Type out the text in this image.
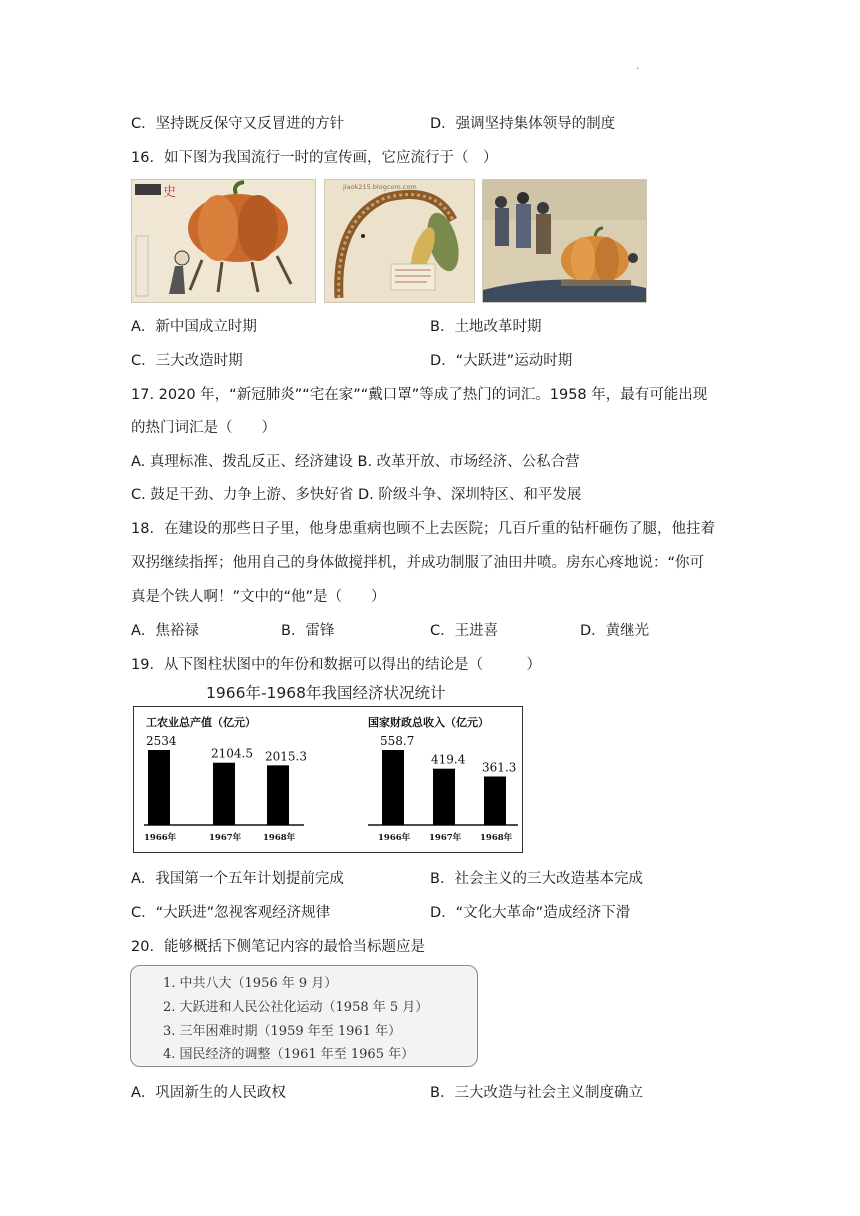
·
C．坚持既反保守又反冒进的方针	D．强调坚持集体领导的制度
16．如下图为我国流行一时的宣传画，它应流行于（　）
史	jiaok215.blogcom.com
A．新中国成立时期	B．土地改革时期
C．三大改造时期	D．“大跃进”运动时期
17. 2020 年，“新冠肺炎”“宅在家”“戴口罩”等成了热门的词汇。1958 年，最有可能出现
的热门词汇是（　　）
A. 真理标准、拨乱反正、经济建设 B. 改革开放、市场经济、公私合营
C. 鼓足干劲、力争上游、多快好省 D. 阶级斗争、深圳特区、和平发展
18．在建设的那些日子里，他身患重病也顾不上去医院；几百斤重的钻杆砸伤了腿，他拄着
双拐继续指挥；他用自己的身体做搅拌机，并成功制服了油田井喷。房东心疼地说：“你可
真是个铁人啊！”文中的“他”是（　　）
A．焦裕禄	B．雷锋	C．王进喜	D．黄继光
19．从下图柱状图中的年份和数据可以得出的结论是（　　　）
1966年-1968年我国经济状况统计
工农业总产值（亿元）
2534
1966年
2104.5
1967年
2015.3
1968年
国家财政总收入（亿元）
558.7
1966年
419.4
1967年
361.3
1968年
A．我国第一个五年计划提前完成	B．社会主义的三大改造基本完成
C．“大跃进”忽视客观经济规律	D．“文化大革命”造成经济下滑
20．能够概括下侧笔记内容的最恰当标题应是
1. 中共八大（1956 年 9 月）
2. 大跃进和人民公社化运动（1958 年 5 月）
3. 三年困难时期（1959 年至 1961 年）
4. 国民经济的调整（1961 年至 1965 年）
A．巩固新生的人民政权	B．三大改造与社会主义制度确立
